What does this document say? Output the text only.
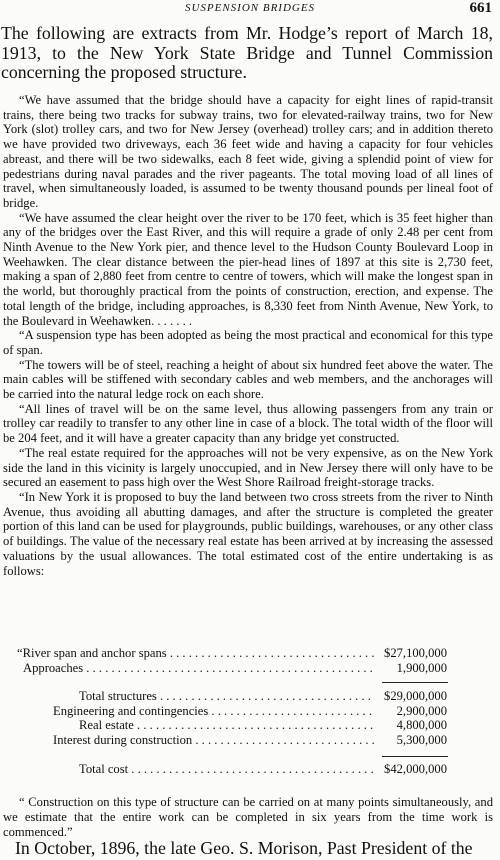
SUSPENSION BRIDGES	661

The following are extracts from Mr. Hodge’s report of March 18, 1913, to the New York State Bridge and Tunnel Commission concerning the proposed structure.

“We have assumed that the bridge should have a capacity for eight lines of rapid-transit trains, there being two tracks for subway trains, two for elevated-railway trains, two for New York (slot) trolley cars, and two for New Jersey (overhead) trolley cars; and in addition thereto we have provided two driveways, each 36 feet wide and having a capacity for four vehicles abreast, and there will be two sidewalks, each 8 feet wide, giving a splendid point of view for pedestrians during naval parades and the river pageants. The total moving load of all lines of travel, when simultaneously loaded, is assumed to be twenty thousand pounds per lineal foot of bridge.

“We have assumed the clear height over the river to be 170 feet, which is 35 feet higher than any of the bridges over the East River, and this will require a grade of only 2.48 per cent from Ninth Avenue to the New York pier, and thence level to the Hudson County Boulevard Loop in Weehawken. The clear distance between the pier-head lines of 1897 at this site is 2,730 feet, making a span of 2,880 feet from centre to centre of towers, which will make the longest span in the world, but thoroughly practical from the points of construction, erection, and expense. The total length of the bridge, including approaches, is 8,330 feet from Ninth Avenue, New York, to the Boulevard in Weehawken. . . . . . .

“A suspension type has been adopted as being the most practical and economical for this type of span.

“The towers will be of steel, reaching a height of about six hundred feet above the water. The main cables will be stiffened with secondary cables and web members, and the anchorages will be carried into the natural ledge rock on each shore.

“All lines of travel will be on the same level, thus allowing passengers from any train or trolley car readily to transfer to any other line in case of a block. The total width of the floor will be 204 feet, and it will have a greater capacity than any bridge yet constructed.

“The real estate required for the approaches will not be very expensive, as on the New York side the land in this vicinity is largely unoccupied, and in New Jersey there will only have to be secured an easement to pass high over the West Shore Railroad freight-storage tracks.

“In New York it is proposed to buy the land between two cross streets from the river to Ninth Avenue, thus avoiding all abutting damages, and after the structure is completed the greater portion of this land can be used for playgrounds, public buildings, warehouses, or any other class of buildings. The value of the necessary real estate has been arrived at by increasing the assessed valuations by the usual allowances. The total estimated cost of the entire undertaking is as follows:

“River span and anchor spans . . .	$27,100,000
Approaches . . .	1,900,000
Total structures . . .	$29,000,000
Engineering and contingencies . . .	2,900,000
Real estate . . .	4,800,000
Interest during construction . . .	5,300,000
Total cost . . .	$42,000,000

“ Construction on this type of structure can be carried on at many points simultaneously, and we estimate that the entire work can be completed in six years from the time work is commenced.”

In October, 1896, the late Geo. S. Morison, Past President of the
